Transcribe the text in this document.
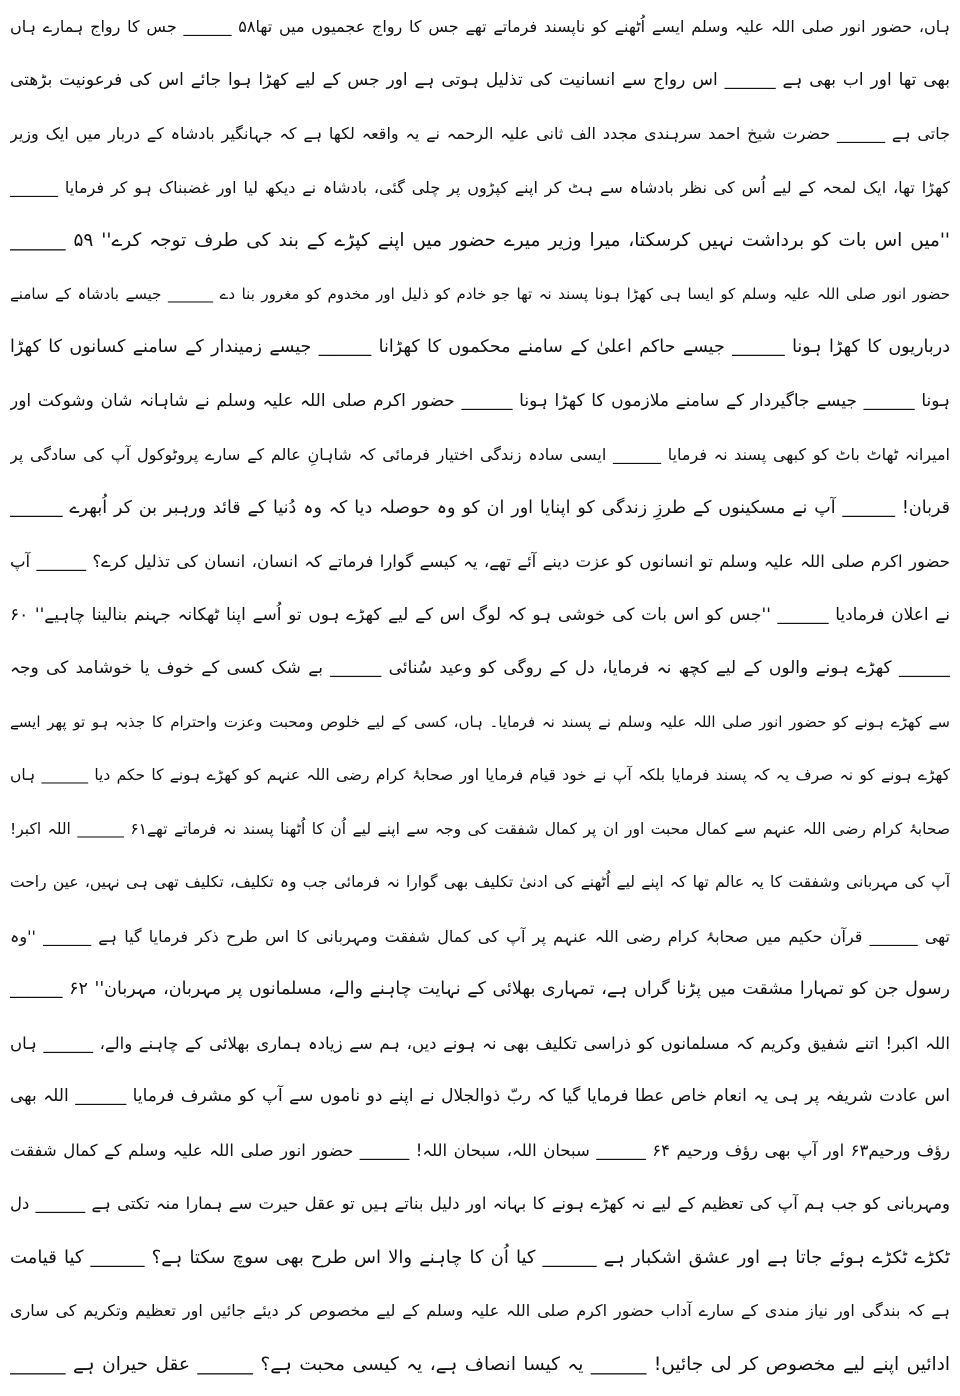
ہاں، حضور انور صلی اللہ علیہ وسلم ایسے اُٹھنے کو ناپسند فرماتے تھے جس کا رواج عجمیوں میں تھا۵۸ ______ جس کا رواج ہمارے ہاں
بھی تھا اور اب بھی ہے ______ اس رواج سے انسانیت کی تذلیل ہوتی ہے اور جس کے لیے کھڑا ہوا جائے اس کی فرعونیت بڑھتی
جاتی ہے ______ حضرت شیخ احمد سرہندی مجدد الف ثانی علیہ الرحمہ نے یہ واقعہ لکھا ہے کہ جہانگیر بادشاہ کے دربار میں ایک وزیر
کھڑا تھا، ایک لمحہ کے لیے اُس کی نظر بادشاہ سے ہٹ کر اپنے کپڑوں پر چلی گئی، بادشاہ نے دیکھ لیا اور غضبناک ہو کر فرمایا ______
''میں اس بات کو برداشت نہیں کرسکتا، میرا وزیر میرے حضور میں اپنے کپڑے کے بند کی طرف توجہ کرے'' ۵۹ ______
حضور انور صلی اللہ علیہ وسلم کو ایسا ہی کھڑا ہونا پسند نہ تھا جو خادم کو ذلیل اور مخدوم کو مغرور بنا دے ______ جیسے بادشاہ کے سامنے
درباریوں کا کھڑا ہونا ______ جیسے حاکم اعلیٰ کے سامنے محکموں کا کھڑانا ______ جیسے زمیندار کے سامنے کسانوں کا کھڑا
ہونا ______ جیسے جاگیردار کے سامنے ملازموں کا کھڑا ہونا ______ حضور اکرم صلی اللہ علیہ وسلم نے شاہانہ شان وشوکت اور
امیرانہ ٹھاٹ باٹ کو کبھی پسند نہ فرمایا ______ ایسی سادہ زندگی اختیار فرمائی کہ شاہانِ عالم کے سارے پروٹوکول آپ کی سادگی پر
قربان! ______ آپ نے مسکینوں کے طرزِ زندگی کو اپنایا اور ان کو وہ حوصلہ دیا کہ وہ دُنیا کے قائد ورہبر بن کر اُبھرے ______
حضور اکرم صلی اللہ علیہ وسلم تو انسانوں کو عزت دینے آئے تھے، یہ کیسے گوارا فرماتے کہ انسان، انسان کی تذلیل کرے؟ ______ آپ
نے اعلان فرمادیا ______ ''جس کو اس بات کی خوشی ہو کہ لوگ اس کے لیے کھڑے ہوں تو اُسے اپنا ٹھکانہ جہنم بنالینا چاہیے'' ۶۰
______ کھڑے ہونے والوں کے لیے کچھ نہ فرمایا، دل کے روگی کو وعید سُنائی ______ بے شک کسی کے خوف یا خوشامد کی وجہ
سے کھڑے ہونے کو حضور انور صلی اللہ علیہ وسلم نے پسند نہ فرمایا۔ ہاں، کسی کے لیے خلوص ومحبت وعزت واحترام کا جذبہ ہو تو پھر ایسے
کھڑے ہونے کو نہ صرف یہ کہ پسند فرمایا بلکہ آپ نے خود قیام فرمایا اور صحابۂ کرام رضی اللہ عنہم کو کھڑے ہونے کا حکم دیا ______ ہاں
صحابۂ کرام رضی اللہ عنہم سے کمال محبت اور ان پر کمال شفقت کی وجہ سے اپنے لیے اُن کا اُٹھنا پسند نہ فرماتے تھے۶۱ ______ اللہ اکبر!
آپ کی مہربانی وشفقت کا یہ عالم تھا کہ اپنے لیے اُٹھنے کی ادنیٰ تکلیف بھی گوارا نہ فرمائی جب وہ تکلیف، تکلیف تھی ہی نہیں، عین راحت
تھی ______ قرآن حکیم میں صحابۂ کرام رضی اللہ عنہم پر آپ کی کمال شفقت ومہربانی کا اس طرح ذکر فرمایا گیا ہے ______ ''وہ
رسول جن کو تمہارا مشقت میں پڑنا گراں ہے، تمہاری بھلائی کے نہایت چاہنے والے، مسلمانوں پر مہربان، مہربان'' ۶۲ ______
اللہ اکبر! اتنے شفیق وکریم کہ مسلمانوں کو ذراسی تکلیف بھی نہ ہونے دیں، ہم سے زیادہ ہماری بھلائی کے چاہنے والے، ______ ہاں
اس عادت شریفہ پر ہی یہ انعام خاص عطا فرمایا گیا کہ ربّ ذوالجلال نے اپنے دو ناموں سے آپ کو مشرف فرمایا ______ اللہ بھی
رؤف ورحیم۶۳ اور آپ بھی رؤف ورحیم ۶۴ ______ سبحان اللہ، سبحان اللہ! ______ حضور انور صلی اللہ علیہ وسلم کے کمال شفقت
ومہربانی کو جب ہم آپ کی تعظیم کے لیے نہ کھڑے ہونے کا بہانہ اور دلیل بناتے ہیں تو عقل حیرت سے ہمارا منہ تکتی ہے ______ دل
ٹکڑے ٹکڑے ہوئے جاتا ہے اور عشق اشکبار ہے ______ کیا اُن کا چاہنے والا اس طرح بھی سوچ سکتا ہے؟ ______ کیا قیامت
ہے کہ بندگی اور نیاز مندی کے سارے آداب حضور اکرم صلی اللہ علیہ وسلم کے لیے مخصوص کر دیئے جائیں اور تعظیم وتکریم کی ساری
ادائیں اپنے لیے مخصوص کر لی جائیں! ______ یہ کیسا انصاف ہے، یہ کیسی محبت ہے؟ ______ عقل حیران ہے ______
